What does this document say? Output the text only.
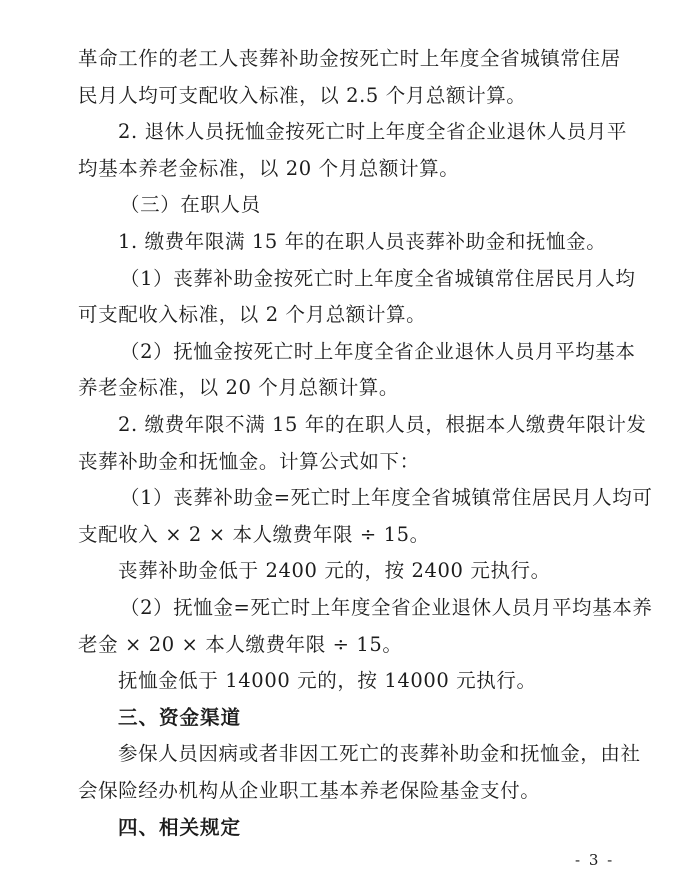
革命工作的老工人丧葬补助金按死亡时上年度全省城镇常住居
民月人均可支配收入标准，以 2.5 个月总额计算。
2. 退休人员抚恤金按死亡时上年度全省企业退休人员月平
均基本养老金标准，以 20 个月总额计算。
（三）在职人员
1. 缴费年限满 15 年的在职人员丧葬补助金和抚恤金。
（1）丧葬补助金按死亡时上年度全省城镇常住居民月人均
可支配收入标准，以 2 个月总额计算。
（2）抚恤金按死亡时上年度全省企业退休人员月平均基本
养老金标准，以 20 个月总额计算。
2. 缴费年限不满 15 年的在职人员，根据本人缴费年限计发
丧葬补助金和抚恤金。计算公式如下：
（1）丧葬补助金=死亡时上年度全省城镇常住居民月人均可
支配收入 × 2 × 本人缴费年限 ÷ 15。
丧葬补助金低于 2400 元的，按 2400 元执行。
（2）抚恤金=死亡时上年度全省企业退休人员月平均基本养
老金 × 20 × 本人缴费年限 ÷ 15。
抚恤金低于 14000 元的，按 14000 元执行。
三、资金渠道
参保人员因病或者非因工死亡的丧葬补助金和抚恤金，由社
会保险经办机构从企业职工基本养老保险基金支付。
四、相关规定
- 3 -
